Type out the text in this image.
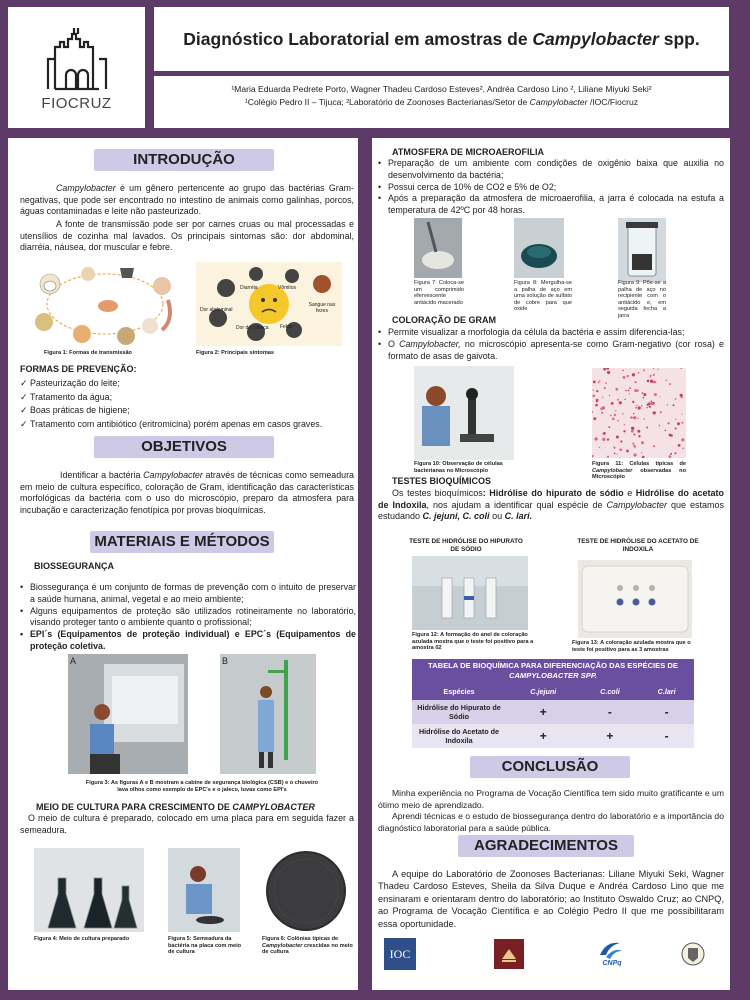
FIOCRUZ
Diagnóstico Laboratorial em amostras de Campylobacter spp.
¹Maria Eduarda Pedrete Porto, Wagner Thadeu Cardoso Esteves², Andréa Cardoso Lino ², Liliane Miyuki Seki²
¹Colégio Pedro II – Tijuca; ²Laboratório de Zoonoses Bacterianas/Setor de Campylobacter /IOC/Fiocruz
INTRODUÇÃO
Campylobacter é um gênero pertencente ao grupo das bactérias Gram-negativas, que pode ser encontrado no intestino de animais como galinhas, porcos, águas contaminadas e leite não pasteurizado.
A fonte de transmissão pode ser por carnes cruas ou mal processadas e utensílios de cozinha mal lavados. Os principais sintomas são: dor abdominal, diarréia, náusea, dor muscular e febre.
Figura 1: Formas de transmissão
Diarréia	Vômitos
Dor abdominal
Sangue nas fezes
Dor de cabeça Febre
Figura 2: Principais sintomas
FORMAS DE PREVENÇÃO:
✓ Pasteurização do leite;
✓ Tratamento da água;
✓ Boas práticas de higiene;
✓ Tratamento com antibiótico (eritromicina) porém apenas em casos graves.
OBJETIVOS
Identificar a bactéria Campylobacter através de técnicas como semeadura em meio de cultura específico, coloração de Gram, identificação das características morfológicas da bactéria com o uso do microscópio, preparo da atmosfera para incubação e caracterização fenotípica por provas bioquímicas.
MATERIAIS E MÉTODOS
BIOSSEGURANÇA
• Biossegurança é um conjunto de formas de prevenção com o intuito de preservar a saúde humana, animal, vegetal e ao meio ambiente;
• Alguns equipamentos de proteção são utilizados rotineiramente no laboratório, visando proteger tanto o ambiente quanto o profissional;
• EPI´s (Equipamentos de proteção individual) e EPC´s (Equipamentos de proteção coletiva.
A	B
Figura 3: As figuras A e B mostram a cabine de segurança biológica (CSB) e o chuveiro lava olhos como exemplo de EPC's e o jaleco, luvas como EPI's
MEIO DE CULTURA PARA CRESCIMENTO DE CAMPYLOBACTER
O meio de cultura é preparado, colocado em uma placa para em seguida fazer a semeadura.
Figura 4: Meio de cultura preparado	Figura 5: Semeadura da bactéria na placa com meio de cultura
Figura 6: Colônias típicas de Campylobacter crescidas no meio de cultura
ATMOSFERA DE MICROAEROFILIA
• Preparação de um ambiente com condições de oxigênio baixa que auxilia no desenvolvimento da bactéria;
• Possui cerca de 10% de CO2 e 5% de O2;
• Após a preparação da atmosfera de microaerofilia, a jarra é colocada na estufa a temperatura de 42ºC por 48 horas.
Figura 7: Coloca-se um comprimido efervescente antiácido macerado
Figura 8: Mergulha-se a palha de aço em uma solução de sulfato de cobre para que oxide
Figura 9: Põe-se a palha de aço no recipiente com o antiácido e, em seguida fecha a jarra
COLORAÇÃO DE GRAM
• Permite visualizar a morfologia da célula da bactéria e assim diferencia-las;
• O Campylobacter, no microscópio apresenta-se como Gram-negativo (cor rosa) e formato de asas de gaivota.
Figura 10: Observação de células bacterianas no Microscópio
Figura 11: Células típicas de Campylobacter observadas no Microscópio
TESTES BIOQUÍMICOS
Os testes bioquímicos: Hidrólise do hipurato de sódio e Hidrólise do acetato de Indoxila, nos ajudam a identificar qual espécie de Campylobacter que estamos estudando C. jejuni, C. coli ou C. lari.
TESTE DE HIDRÓLISE DO HIPURATO DE SÓDIO
Figura 12: A formação do anel de coloração azulada mostra que o teste foi positivo para a amostra 02
TESTE DE HIDRÓLISE DO ACETATO DE INDOXILA
Figura 13: A coloração azulada mostra que o teste foi positivo para as 3 amostras
TABELA DE BIOQUÍMICA PARA DIFERENCIAÇÃO DAS ESPÉCIES DE CAMPYLOBACTER SPP.
Espécies	C.jejuni	C.coli	C.lari
Hidrólise do Hipurato de Sódio	+	-	-
Hidrólise do Acetato de Indoxila	+	+	-
CONCLUSÃO
Minha experiência no Programa de Vocação Científica tem sido muito gratificante e um ótimo meio de aprendizado.
Aprendi técnicas e o estudo de biossegurança dentro do laboratório e a importância do diagnóstico laboratorial para a saúde pública.
AGRADECIMENTOS
A equipe do Laboratório de Zoonoses Bacterianas: Liliane Miyuki Seki, Wagner Thadeu Cardoso Esteves, Sheila da Silva Duque e Andréa Cardoso Lino que me ensinaram e orientaram dentro do laboratório; ao Instituto Oswaldo Cruz; ao CNPQ, ao Programa de Vocação Científica e ao Colégio Pedro II que me possibilitaram essa oportunidade.
IOC
CNPq
